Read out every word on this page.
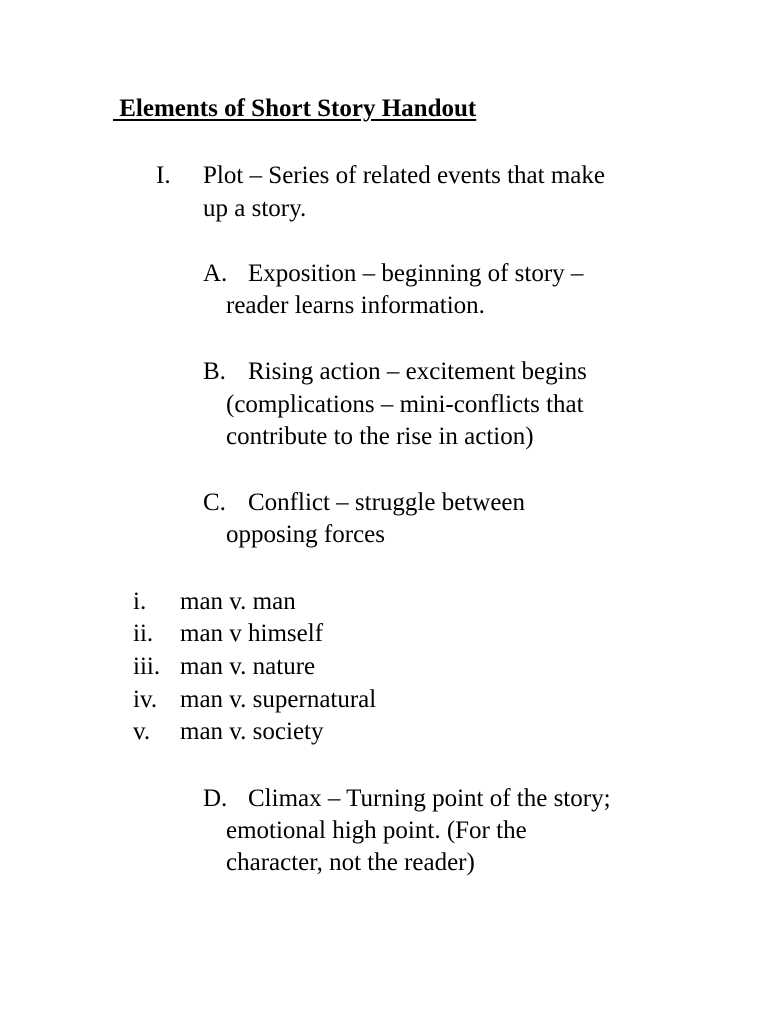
Elements of Short Story Handout
I. Plot – Series of related events that make
up a story.
A. Exposition – beginning of story –
reader learns information.
B. Rising action – excitement begins
(complications – mini-conflicts that
contribute to the rise in action)
C. Conflict – struggle between
opposing forces
i. man v. man
ii. man v himself
iii. man v. nature
iv. man v. supernatural
v. man v. society
D. Climax – Turning point of the story;
emotional high point. (For the
character, not the reader)
